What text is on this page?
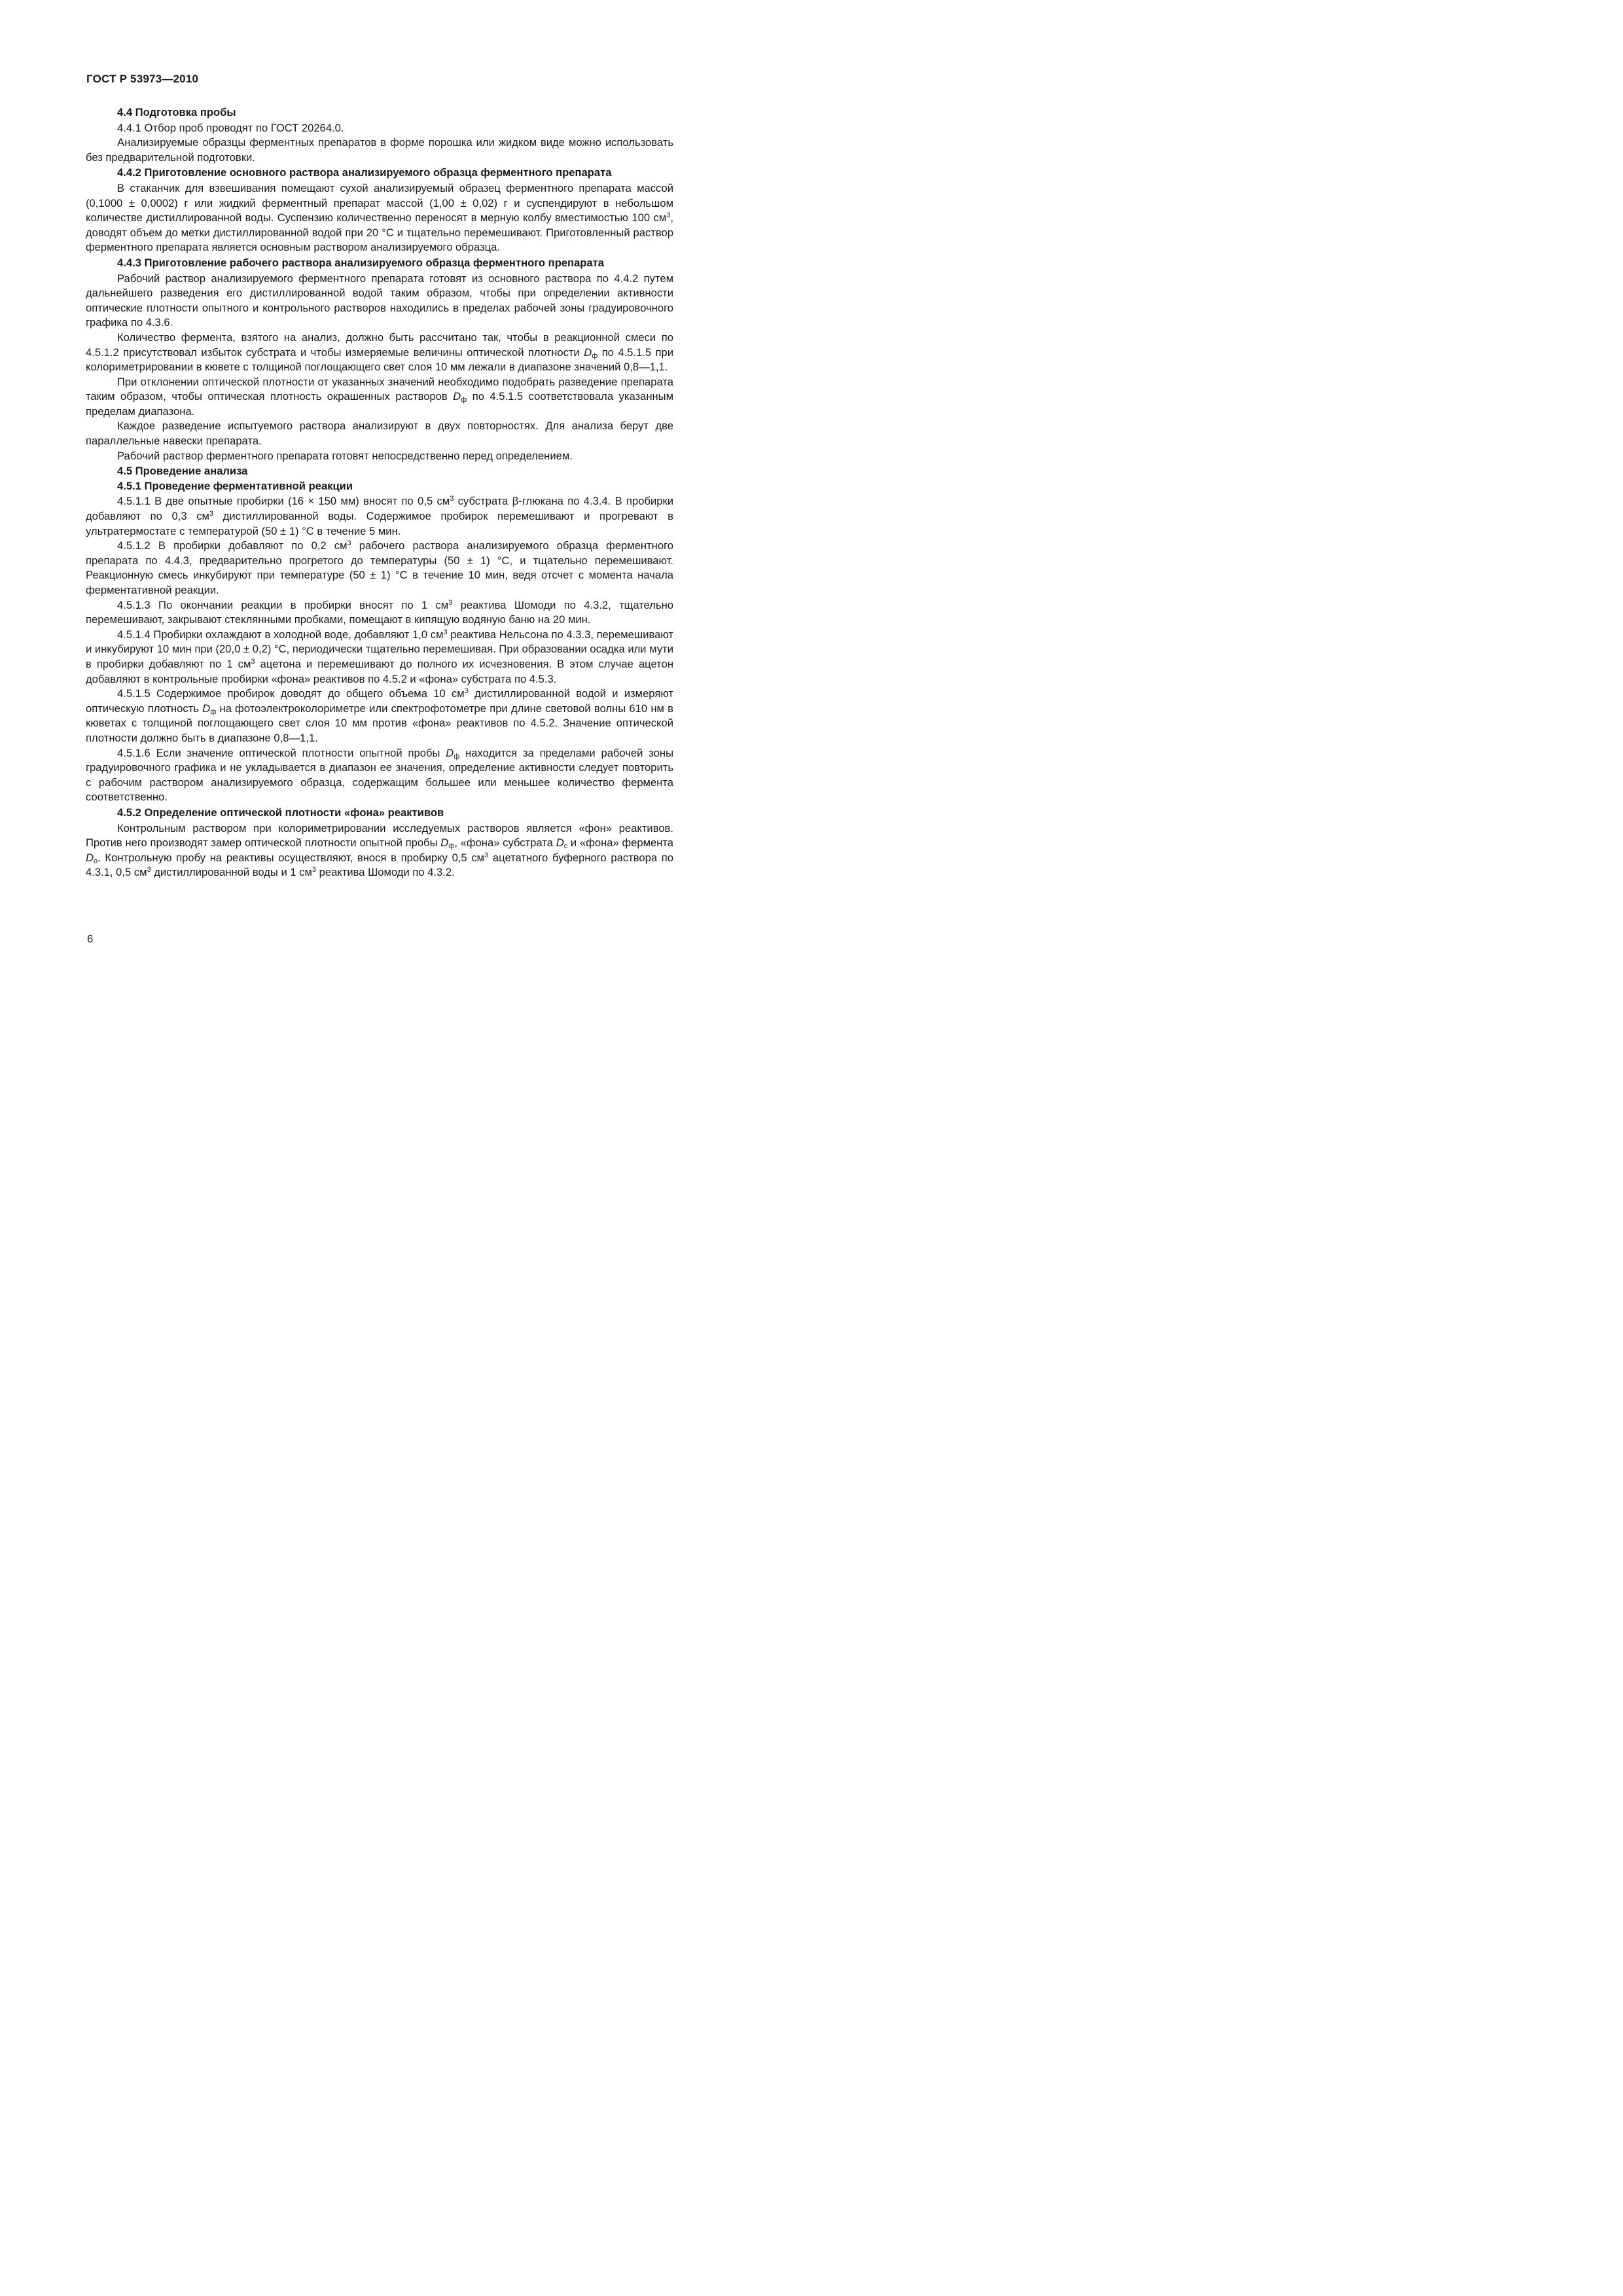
ГОСТ Р 53973—2010
4.4 Подготовка пробы

4.4.1 Отбор проб проводят по ГОСТ 20264.0.

Анализируемые образцы ферментных препаратов в форме порошка или жидком виде можно использовать без предварительной подготовки.

4.4.2 Приготовление основного раствора анализируемого образца ферментного препарата

В стаканчик для взвешивания помещают сухой анализируемый образец ферментного препарата массой (0,1000 ± 0,0002) г или жидкий ферментный препарат массой (1,00 ± 0,02) г и суспендируют в небольшом количестве дистиллированной воды. Суспензию количественно переносят в мерную колбу вместимостью 100 $см^3$, доводят объем до метки дистиллированной водой при 20 °С и тщательно перемешивают. Приготовленный раствор ферментного препарата является основным раствором анализируемого образца.

4.4.3 Приготовление рабочего раствора анализируемого образца ферментного препарата

Рабочий раствор анализируемого ферментного препарата готовят из основного раствора по 4.4.2 путем дальнейшего разведения его дистиллированной водой таким образом, чтобы при определении активности оптические плотности опытного и контрольного растворов находились в пределах рабочей зоны градуировочного графика по 4.3.6.

Количество фермента, взятого на анализ, должно быть рассчитано так, чтобы в реакционной смеси по 4.5.1.2 присутствовал избыток субстрата и чтобы измеряемые величины оптической плотности $D_ф$ по 4.5.1.5 при колориметрировании в кювете с толщиной поглощающего свет слоя 10 мм лежали в диапазоне значений 0,8—1,1.

При отклонении оптической плотности от указанных значений необходимо подобрать разведение препарата таким образом, чтобы оптическая плотность окрашенных растворов $D_ф$ по 4.5.1.5 соответствовала указанным пределам диапазона.

Каждое разведение испытуемого раствора анализируют в двух повторностях. Для анализа берут две параллельные навески препарата.

Рабочий раствор ферментного препарата готовят непосредственно перед определением.

4.5 Проведение анализа
4.5.1 Проведение ферментативной реакции

4.5.1.1 В две опытные пробирки (16 × 150 мм) вносят по 0,5 $см^3$ субстрата β-глюкана по 4.3.4. В пробирки добавляют по 0,3 $см^3$ дистиллированной воды. Содержимое пробирок перемешивают и прогревают в ультратермостате с температурой (50 ± 1) °С в течение 5 мин.

4.5.1.2 В пробирки добавляют по 0,2 $см^3$ рабочего раствора анализируемого образца ферментного препарата по 4.4.3, предварительно прогретого до температуры (50 ± 1) °С, и тщательно перемешивают. Реакционную смесь инкубируют при температуре (50 ± 1) °С в течение 10 мин, ведя отсчет с момента начала ферментативной реакции.

4.5.1.3 По окончании реакции в пробирки вносят по 1 $см^3$ реактива Шомоди по 4.3.2, тщательно перемешивают, закрывают стеклянными пробками, помещают в кипящую водяную баню на 20 мин.

4.5.1.4 Пробирки охлаждают в холодной воде, добавляют 1,0 $см^3$ реактива Нельсона по 4.3.3, перемешивают и инкубируют 10 мин при (20,0 ± 0,2) °С, периодически тщательно перемешивая. При образовании осадка или мути в пробирки добавляют по 1 $см^3$ ацетона и перемешивают до полного их исчезновения. В этом случае ацетон добавляют в контрольные пробирки «фона» реактивов по 4.5.2 и «фона» субстрата по 4.5.3.

4.5.1.5 Содержимое пробирок доводят до общего объема 10 $см^3$ дистиллированной водой и измеряют оптическую плотность $D_ф$ на фотоэлектроколориметре или спектрофотометре при длине световой волны 610 нм в кюветах с толщиной поглощающего свет слоя 10 мм против «фона» реактивов по 4.5.2. Значение оптической плотности должно быть в диапазоне 0,8—1,1.

4.5.1.6 Если значение оптической плотности опытной пробы $D_ф$ находится за пределами рабочей зоны градуировочного графика и не укладывается в диапазон ее значения, определение активности следует повторить с рабочим раствором анализируемого образца, содержащим большее или меньшее количество фермента соответственно.

4.5.2 Определение оптической плотности «фона» реактивов

Контрольным раствором при колориметрировании исследуемых растворов является «фон» реактивов. Против него производят замер оптической плотности опытной пробы $D_ф$, «фона» субстрата $D_с$ и «фона» фермента $D_о$. Контрольную пробу на реактивы осуществляют, внося в пробирку 0,5 $см^3$ ацетатного буферного раствора по 4.3.1, 0,5 $см^3$ дистиллированной воды и 1 $см^3$ реактива Шомоди по 4.3.2.

6
